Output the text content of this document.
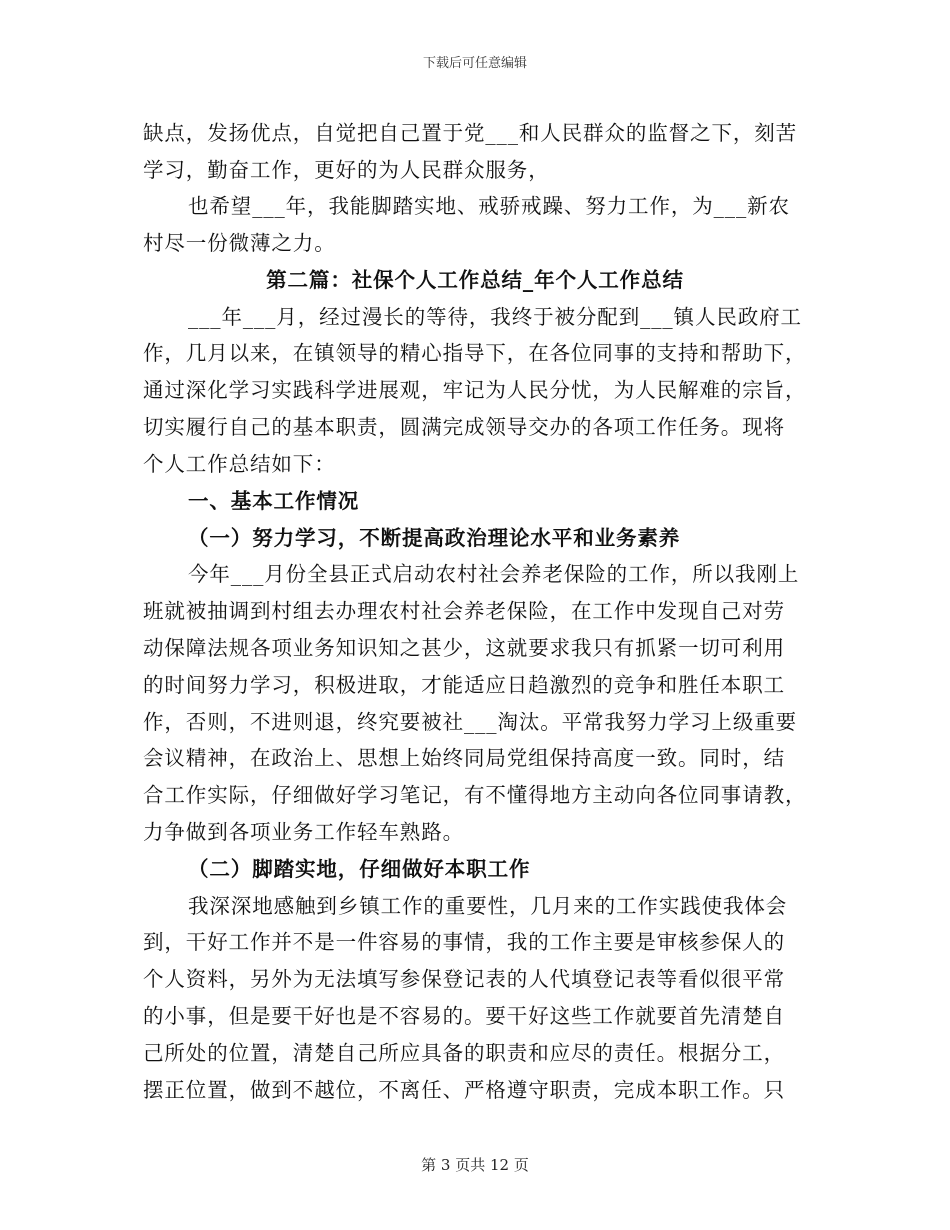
下载后可任意编辑
缺点，发扬优点，自觉把自己置于党___和人民群众的监督之下，刻苦
学习，勤奋工作，更好的为人民群众服务，
也希望___年，我能脚踏实地、戒骄戒躁、努力工作，为___新农
村尽一份微薄之力。
第二篇：社保个人工作总结_年个人工作总结
___年___月，经过漫长的等待，我终于被分配到___镇人民政府工
作，几月以来，在镇领导的精心指导下，在各位同事的支持和帮助下，
通过深化学习实践科学进展观，牢记为人民分忧，为人民解难的宗旨，
切实履行自己的基本职责，圆满完成领导交办的各项工作任务。现将
个人工作总结如下：
一、基本工作情况
（一）努力学习，不断提高政治理论水平和业务素养
今年___月份全县正式启动农村社会养老保险的工作，所以我刚上
班就被抽调到村组去办理农村社会养老保险，在工作中发现自己对劳
动保障法规各项业务知识知之甚少，这就要求我只有抓紧一切可利用
的时间努力学习，积极进取，才能适应日趋激烈的竞争和胜任本职工
作，否则，不进则退，终究要被社___淘汰。平常我努力学习上级重要
会议精神，在政治上、思想上始终同局党组保持高度一致。同时，结
合工作实际，仔细做好学习笔记，有不懂得地方主动向各位同事请教，
力争做到各项业务工作轻车熟路。
（二）脚踏实地，仔细做好本职工作
我深深地感触到乡镇工作的重要性，几月来的工作实践使我体会
到，干好工作并不是一件容易的事情，我的工作主要是审核参保人的
个人资料，另外为无法填写参保登记表的人代填登记表等看似很平常
的小事，但是要干好也是不容易的。要干好这些工作就要首先清楚自
己所处的位置，清楚自己所应具备的职责和应尽的责任。根据分工，
摆正位置，做到不越位，不离任、严格遵守职责，完成本职工作。只
第 3 页共 12 页
